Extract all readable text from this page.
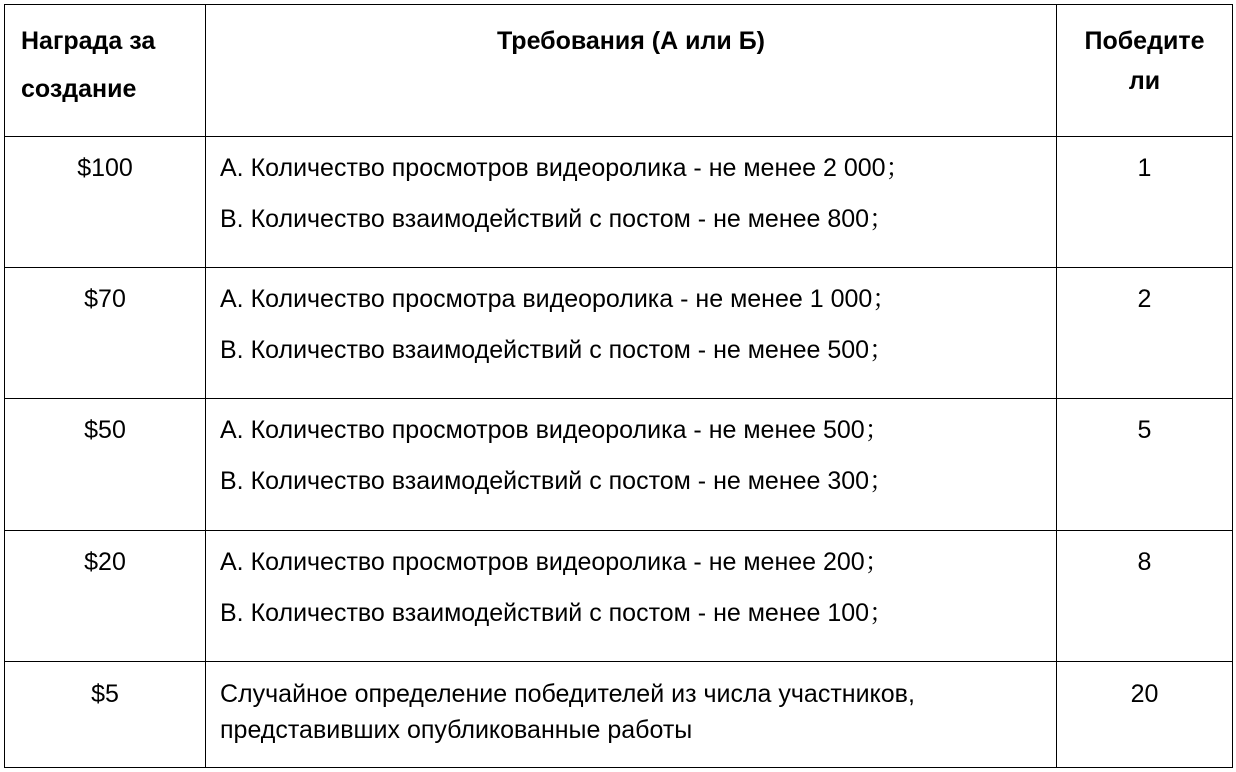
Награда за
создание	Требования (А или Б)	Победите
ли

$100	А. Количество просмотров видеоролика - не менее 2 000；
В. Количество взаимодействий с постом - не менее 800；	1

$70	А. Количество просмотра видеоролика - не менее 1 000；
В. Количество взаимодействий с постом - не менее 500；	2

$50	А. Количество просмотров видеоролика - не менее 500；
В. Количество взаимодействий с постом - не менее 300；	5

$20	А. Количество просмотров видеоролика - не менее 200；
В. Количество взаимодействий с постом - не менее 100；	8

$5	Случайное определение победителей из числа участников,
представивших опубликованные работы	20
